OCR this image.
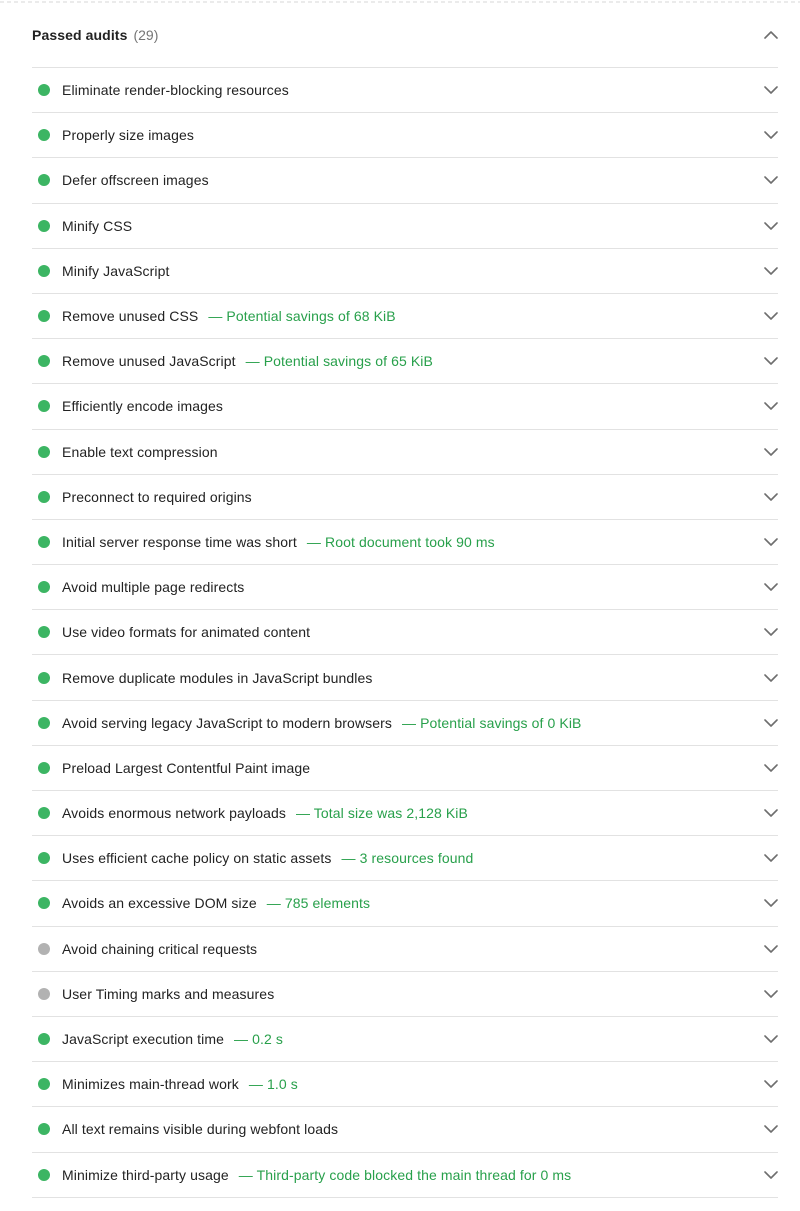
Passed audits (29)
Eliminate render-blocking resources
Properly size images
Defer offscreen images
Minify CSS
Minify JavaScript
Remove unused CSS — Potential savings of 68 KiB
Remove unused JavaScript — Potential savings of 65 KiB
Efficiently encode images
Enable text compression
Preconnect to required origins
Initial server response time was short — Root document took 90 ms
Avoid multiple page redirects
Use video formats for animated content
Remove duplicate modules in JavaScript bundles
Avoid serving legacy JavaScript to modern browsers — Potential savings of 0 KiB
Preload Largest Contentful Paint image
Avoids enormous network payloads — Total size was 2,128 KiB
Uses efficient cache policy on static assets — 3 resources found
Avoids an excessive DOM size — 785 elements
Avoid chaining critical requests
User Timing marks and measures
JavaScript execution time — 0.2 s
Minimizes main-thread work — 1.0 s
All text remains visible during webfont loads
Minimize third-party usage — Third-party code blocked the main thread for 0 ms
